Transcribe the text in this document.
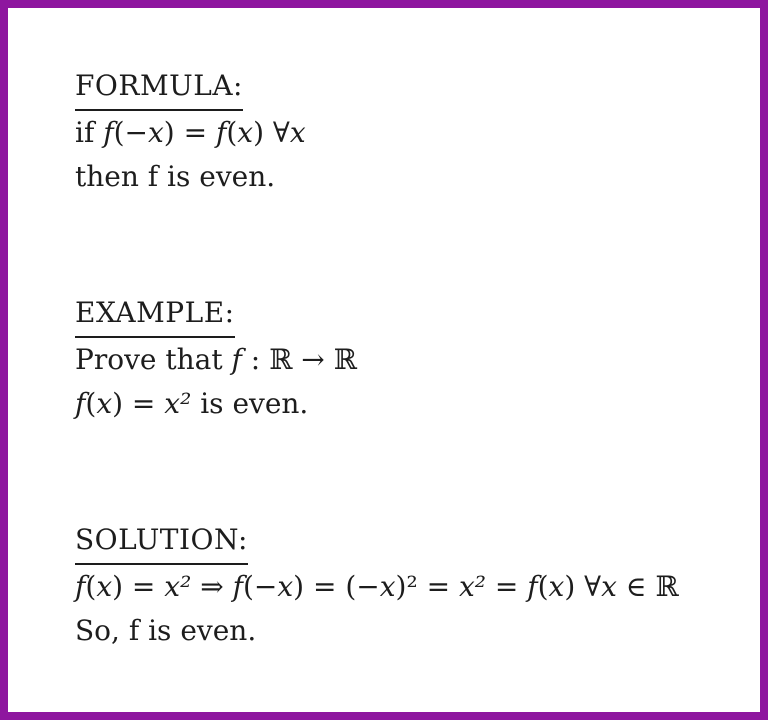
FORMULA:
if f(−x) = f(x) ∀x
then f is even.
EXAMPLE:
Prove that f : ℝ → ℝ
f(x) = x² is even.
SOLUTION:
f(x) = x² ⇒ f(−x) = (−x)² = x² = f(x) ∀x ∈ ℝ
So, f is even.
